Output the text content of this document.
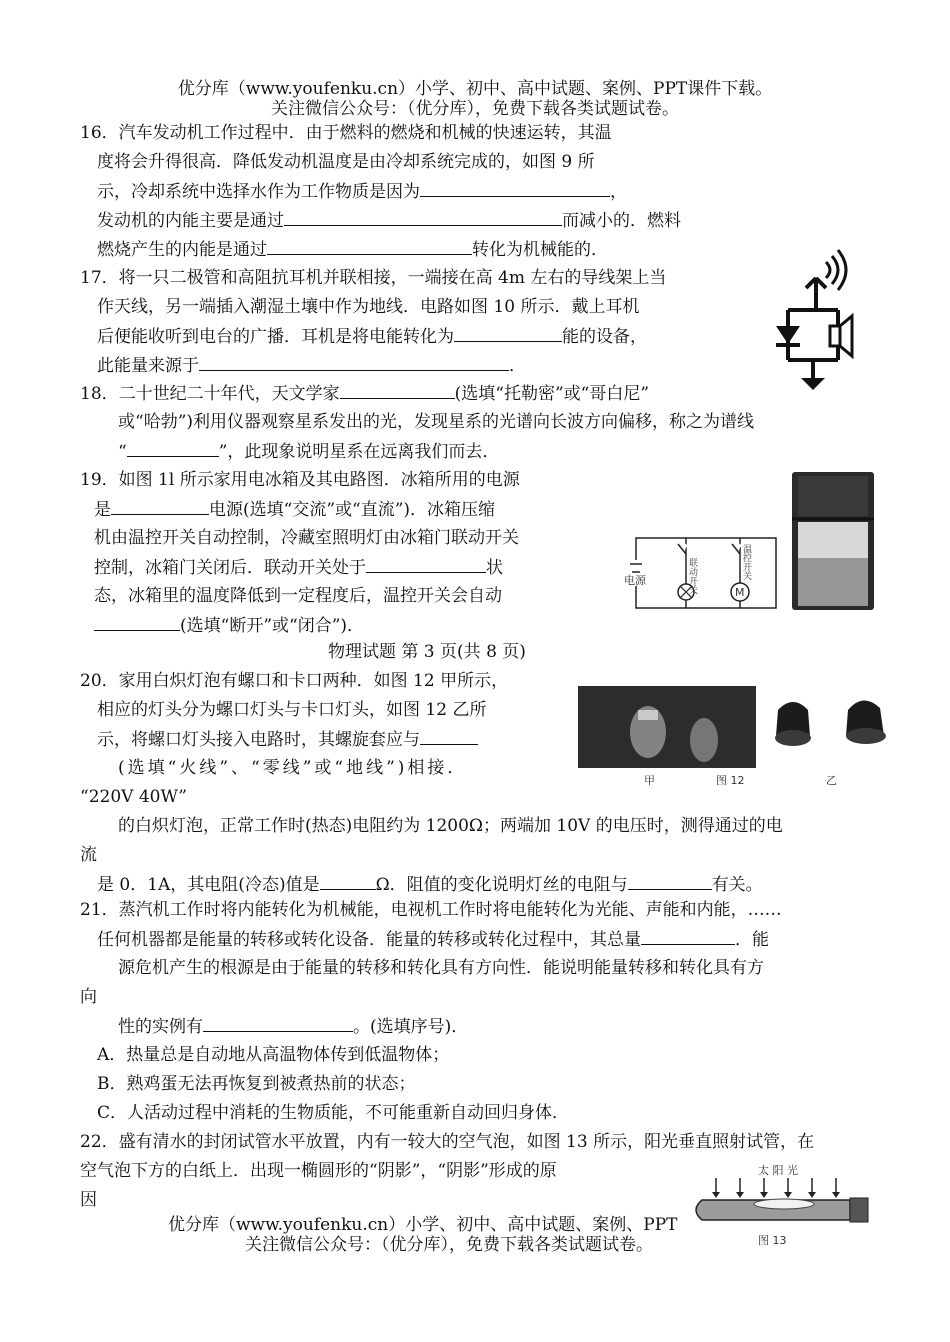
优分库（www.youfenku.cn）小学、初中、高中试题、案例、PPT课件下载。
关注微信公众号：（优分库），免费下载各类试题试卷。
16．汽车发动机工作过程中．由于燃料的燃烧和机械的快速运转，其温
度将会升得很高．降低发动机温度是由冷却系统完成的，如图 9 所
示，冷却系统中选择水作为工作物质是因为	，
发动机的内能主要是通过	而减小的．燃料
燃烧产生的内能是通过	转化为机械能的．
17．将一只二极管和高阻抗耳机并联相接，一端接在高 4m 左右的导线架上当
作天线，另一端插入潮湿土壤中作为地线．电路如图 10 所示．戴上耳机
后便能收听到电台的广播．耳机是将电能转化为	能的设备，
此能量来源于	．
18．二十世纪二十年代，天文学家	(选填“托勒密”或“哥白尼”
或“哈勃”)利用仪器观察星系发出的光，发现星系的光谱向长波方向偏移，称之为谱线
“	”，此现象说明星系在远离我们而去．
19．如图 1l 所示家用电冰箱及其电路图．冰箱所用的电源
是	电源(选填“交流”或“直流”)．冰箱压缩
机由温控开关自动控制，冷藏室照明灯由冰箱门联动开关
控制，冰箱门关闭后．联动开关处于	状
态，冰箱里的温度降低到一定程度后，温控开关会自动
(选填“断开”或“闭合”)．
电源
M
联动开关	温控开关
物理试题 第 3 页(共 8 页)
20．家用白炽灯泡有螺口和卡口两种．如图 12 甲所示，
相应的灯头分为螺口灯头与卡口灯头，如图 12 乙所
示，将螺口灯头接入电路时，其螺旋套应与
(选填“火线”、“零线”或“地线”)相接．
“220V 40W”
的白炽灯泡，正常工作时(热态)电阻约为 1200Ω；两端加 10V 的电压时，测得通过的电
流
是 0．1A，其电阻(冷态)值是	Ω．阻值的变化说明灯丝的电阻与	有关。
甲	图 12	乙
21．蒸汽机工作时将内能转化为机械能，电视机工作时将电能转化为光能、声能和内能，……
任何机器都是能量的转移或转化设备．能量的转移或转化过程中，其总量	．能
源危机产生的根源是由于能量的转移和转化具有方向性．能说明能量转移和转化具有方
向
性的实例有	。(选填序号)．
A．热量总是自动地从高温物体传到低温物体；
B．熟鸡蛋无法再恢复到被煮热前的状态；
C．人活动过程中消耗的生物质能，不可能重新自动回归身体．
22．盛有清水的封闭试管水平放置，内有一较大的空气泡，如图 13 所示，阳光垂直照射试管，在
空气泡下方的白纸上．出现一椭圆形的“阴影”，“阴影”形成的原
因
太 阳 光
图 13
优分库（www.youfenku.cn）小学、初中、高中试题、案例、PPT
关注微信公众号：（优分库），免费下载各类试题试卷。
